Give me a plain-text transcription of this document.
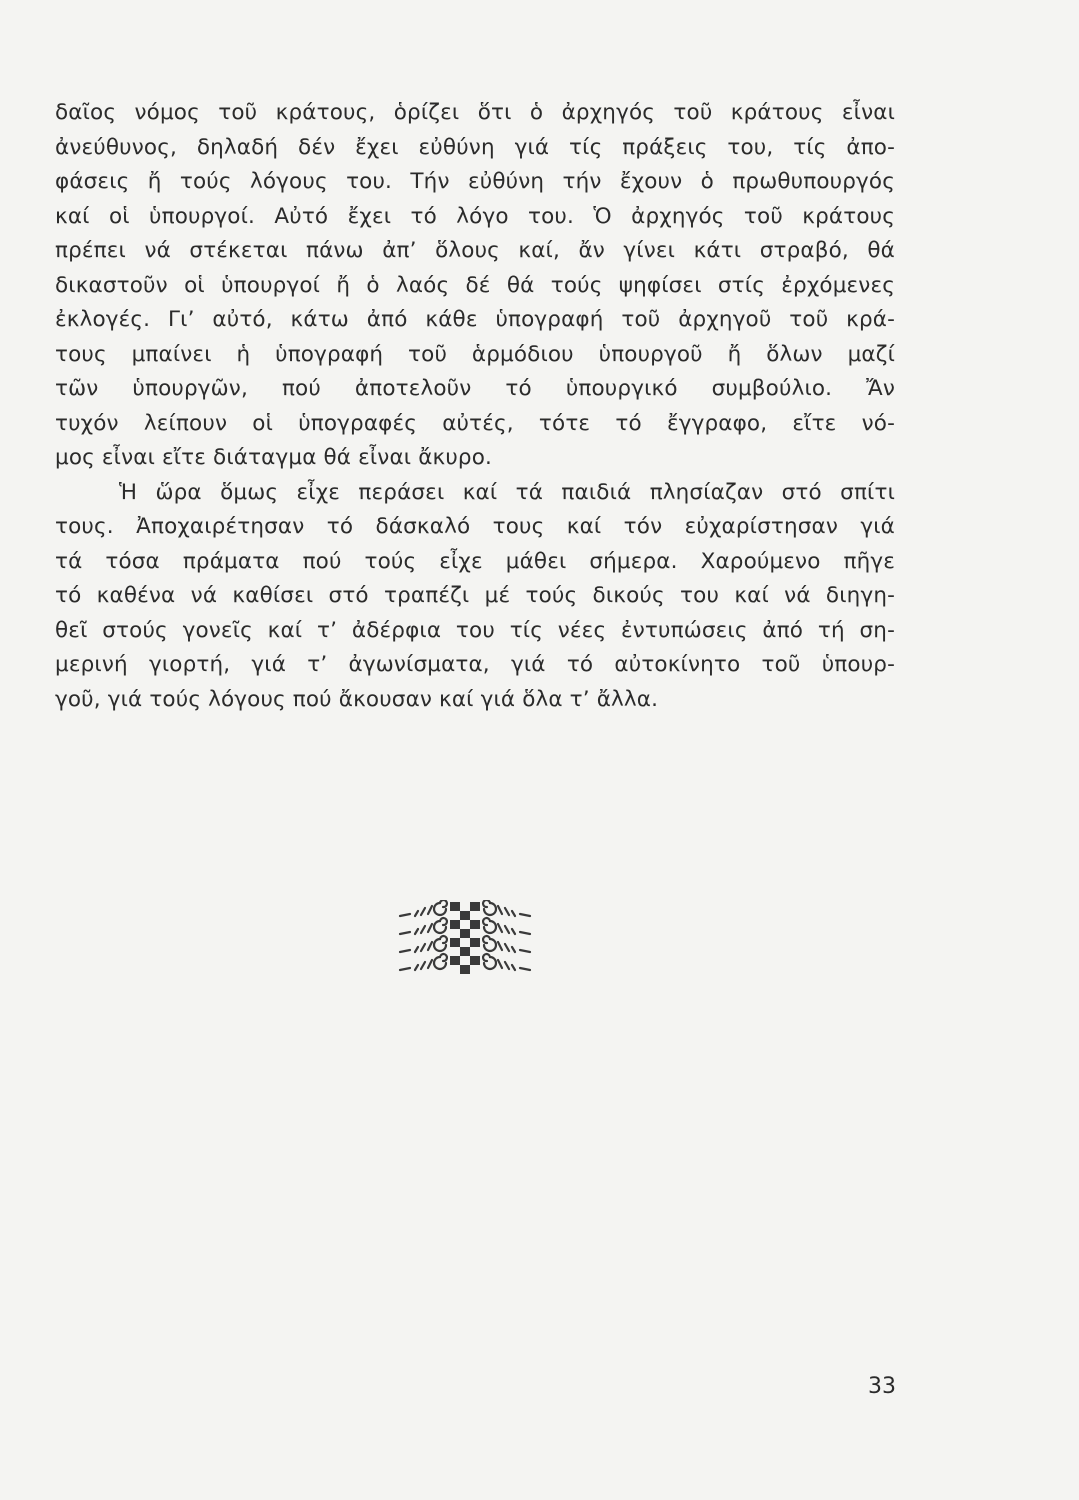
δαῖος νόμος τοῦ κράτους, ὁρίζει ὅτι ὁ ἀρχηγός τοῦ κράτους εἶναι
ἀνεύθυνος, δηλαδή δέν ἔχει εὐθύνη γιά τίς πράξεις του, τίς ἀπο-
φάσεις ἤ τούς λόγους του. Τήν εὐθύνη τήν ἔχουν ὁ πρωθυπουργός
καί οἱ ὑπουργοί. Αὐτό ἔχει τό λόγο του. Ὁ ἀρχηγός τοῦ κράτους
πρέπει νά στέκεται πάνω ἀπ’ ὅλους καί, ἄν γίνει κάτι στραβό, θά
δικαστοῦν οἱ ὑπουργοί ἤ ὁ λαός δέ θά τούς ψηφίσει στίς ἐρχόμενες
ἐκλογές. Γι’ αὐτό, κάτω ἀπό κάθε ὑπογραφή τοῦ ἀρχηγοῦ τοῦ κρά-
τους μπαίνει ἡ ὑπογραφή τοῦ ἁρμόδιου ὑπουργοῦ ἤ ὅλων μαζί
τῶν ὑπουργῶν, πού ἀποτελοῦν τό ὑπουργικό συμβούλιο. Ἄν
τυχόν λείπουν οἱ ὑπογραφές αὐτές, τότε τό ἔγγραφο, εἴτε νό-
μος εἶναι εἴτε διάταγμα θά εἶναι ἄκυρο.
Ἡ ὥρα ὅμως εἶχε περάσει καί τά παιδιά πλησίαζαν στό σπίτι
τους. Ἀποχαιρέτησαν τό δάσκαλό τους καί τόν εὐχαρίστησαν γιά
τά τόσα πράματα πού τούς εἶχε μάθει σήμερα. Χαρούμενο πῆγε
τό καθένα νά καθίσει στό τραπέζι μέ τούς δικούς του καί νά διηγη-
θεῖ στούς γονεῖς καί τ’ ἀδέρφια του τίς νέες ἐντυπώσεις ἀπό τή ση-
μερινή γιορτή, γιά τ’ ἀγωνίσματα, γιά τό αὐτοκίνητο τοῦ ὑπουρ-
γοῦ, γιά τούς λόγους πού ἄκουσαν καί γιά ὅλα τ’ ἄλλα.
33
